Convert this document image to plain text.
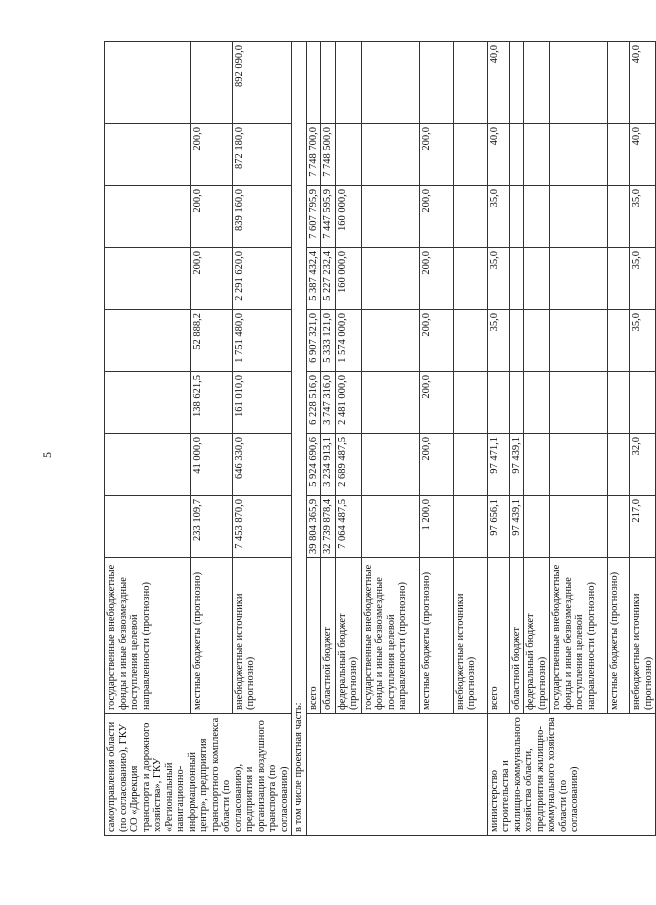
5
самоуправления области (по согласованию), ГКУ СО «Дирекция транспорта и дорожного хозяйства», ГКУ «Региональный навигационно-информационный центр», предприятия транспортного комплекса области (по согласованию), предприятия и организации воздушного транспорта (по согласованию)	государственные внебюджетные фонды и иные безвозмездные поступления целевой направленности (прогнозно)								
	местные бюджеты (прогнозно)	233 109,7	41 000,0	138 621,5	52 888,2	200,0	200,0	200,0	
	внебюджетные источники (прогнозно)	7 453 870,0	646 330,0	161 010,0	1 751 480,0	2 291 620,0	839 160,0	872 180,0	892 090,0
в том числе проектная часть:									
	всего	39 804 365,9	5 924 690,6	6 228 516,0	6 907 321,0	5 387 432,4	7 607 795,9	7 748 700,0	
	областной бюджет	32 739 878,4	3 234 913,1	3 747 316,0	5 333 121,0	5 227 232,4	7 447 595,9	7 748 500,0	
	федеральный бюджет (прогнозно)	7 064 487,5	2 689 487,5	2 481 000,0	1 574 000,0	160 000,0	160 000,0		
	государственные внебюджетные фонды и иные безвозмездные поступления целевой направленности (прогнозно)								
	местные бюджеты (прогнозно)	1 200,0	200,0	200,0	200,0	200,0	200,0	200,0	
	внебюджетные источники (прогнозно)								
министерство строительства и жилищно-коммунального хозяйства области, предприятия жилищно-коммунального хозяйства области (по согласованию)	всего	97 656,1	97 471,1		35,0	35,0	35,0	40,0	40,0
	областной бюджет	97 439,1	97 439,1						
	федеральный бюджет (прогнозно)								
	государственные внебюджетные фонды и иные безвозмездные поступления целевой направленности (прогнозно)								
	местные бюджеты (прогнозно)								
	внебюджетные источники (прогнозно)	217,0	32,0		35,0	35,0	35,0	40,0	40,0
